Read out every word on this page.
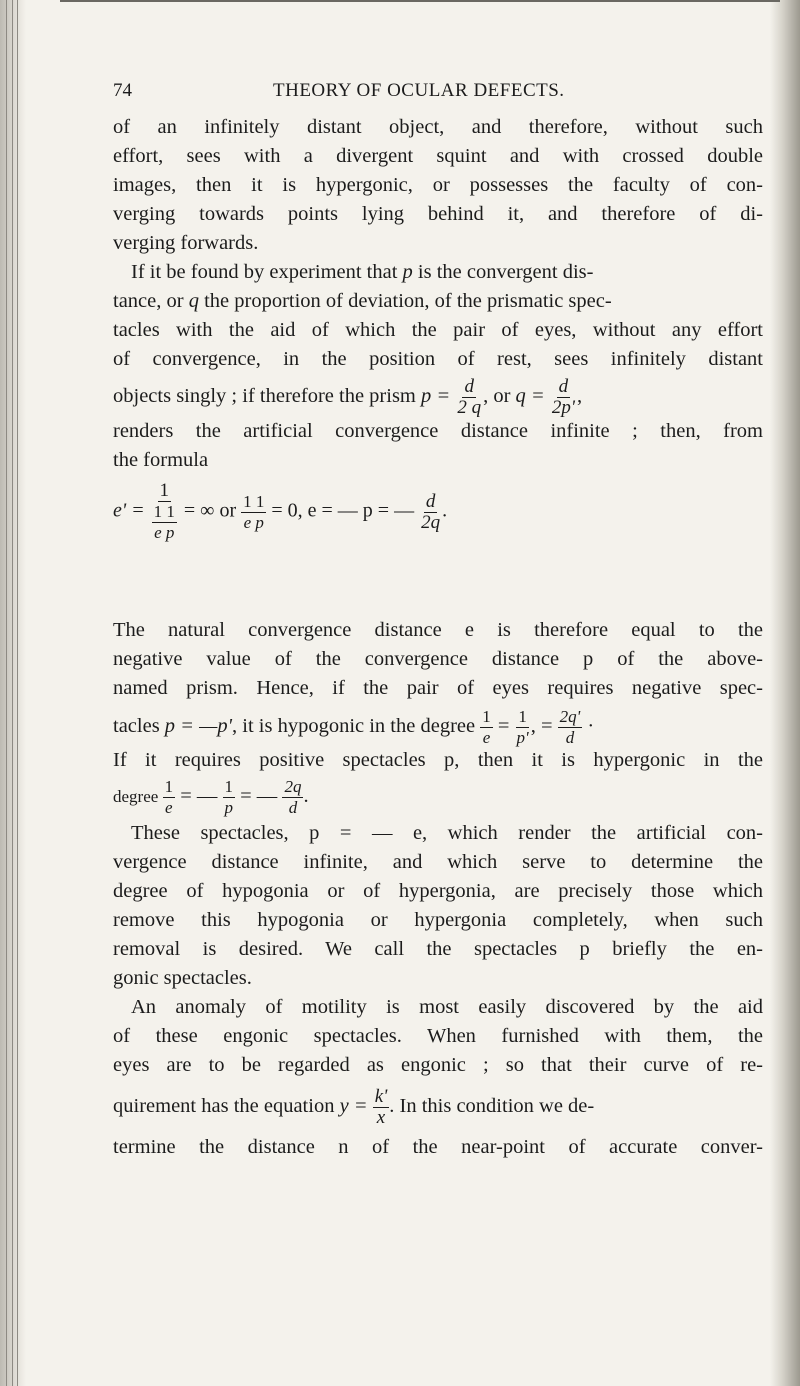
74	THEORY OF OCULAR DEFECTS.
of an infinitely distant object, and therefore, without such
effort, sees with a divergent squint and with crossed double
images, then it is hypergonic, or possesses the faculty of con-
verging towards points lying behind it, and therefore of di-
verging forwards.
If it be found by experiment that p is the convergent dis-
tance, or q the proportion of deviation, of the prismatic spec-
tacles with the aid of which the pair of eyes, without any effort
of convergence, in the position of rest, sees infinitely distant
objects singly ; if therefore the prism $p = \frac{d}{2 q}$ , or $q = \frac{d}{2p'}$ ,
renders the artificial convergence distance infinite ; then, from
the formula
$e' = \frac{1}{\frac{1 1}{\text{e p}}}$ = ∞ or $\frac{1 1}{\text{e p}} = 0$, e = — p = — $\frac{d}{2q}$ .
The natural convergence distance e is therefore equal to the
negative value of the convergence distance p of the above-
named prism. Hence, if the pair of eyes requires negative spec-
tacles p = —p', it is hypogonic in the degree $\frac{1}{e} = \frac{1}{p'}$ , = $\frac{2q'}{d}$ ·
If it requires positive spectacles p, then it is hypergonic in the
degree $\frac{1}{e}$ = — $\frac{1}{p}$ = — $\frac{2q}{d}$ .
These spectacles, p = — e, which render the artificial con-
vergence distance infinite, and which serve to determine the
degree of hypogonia or of hypergonia, are precisely those which
remove this hypogonia or hypergonia completely, when such
removal is desired. We call the spectacles p briefly the en-
gonic spectacles.
An anomaly of motility is most easily discovered by the aid
of these engonic spectacles. When furnished with them, the
eyes are to be regarded as engonic ; so that their curve of re-
quirement has the equation $y = \frac{k'}{x}$ . In this condition we de-
termine the distance n of the near-point of accurate conver-
